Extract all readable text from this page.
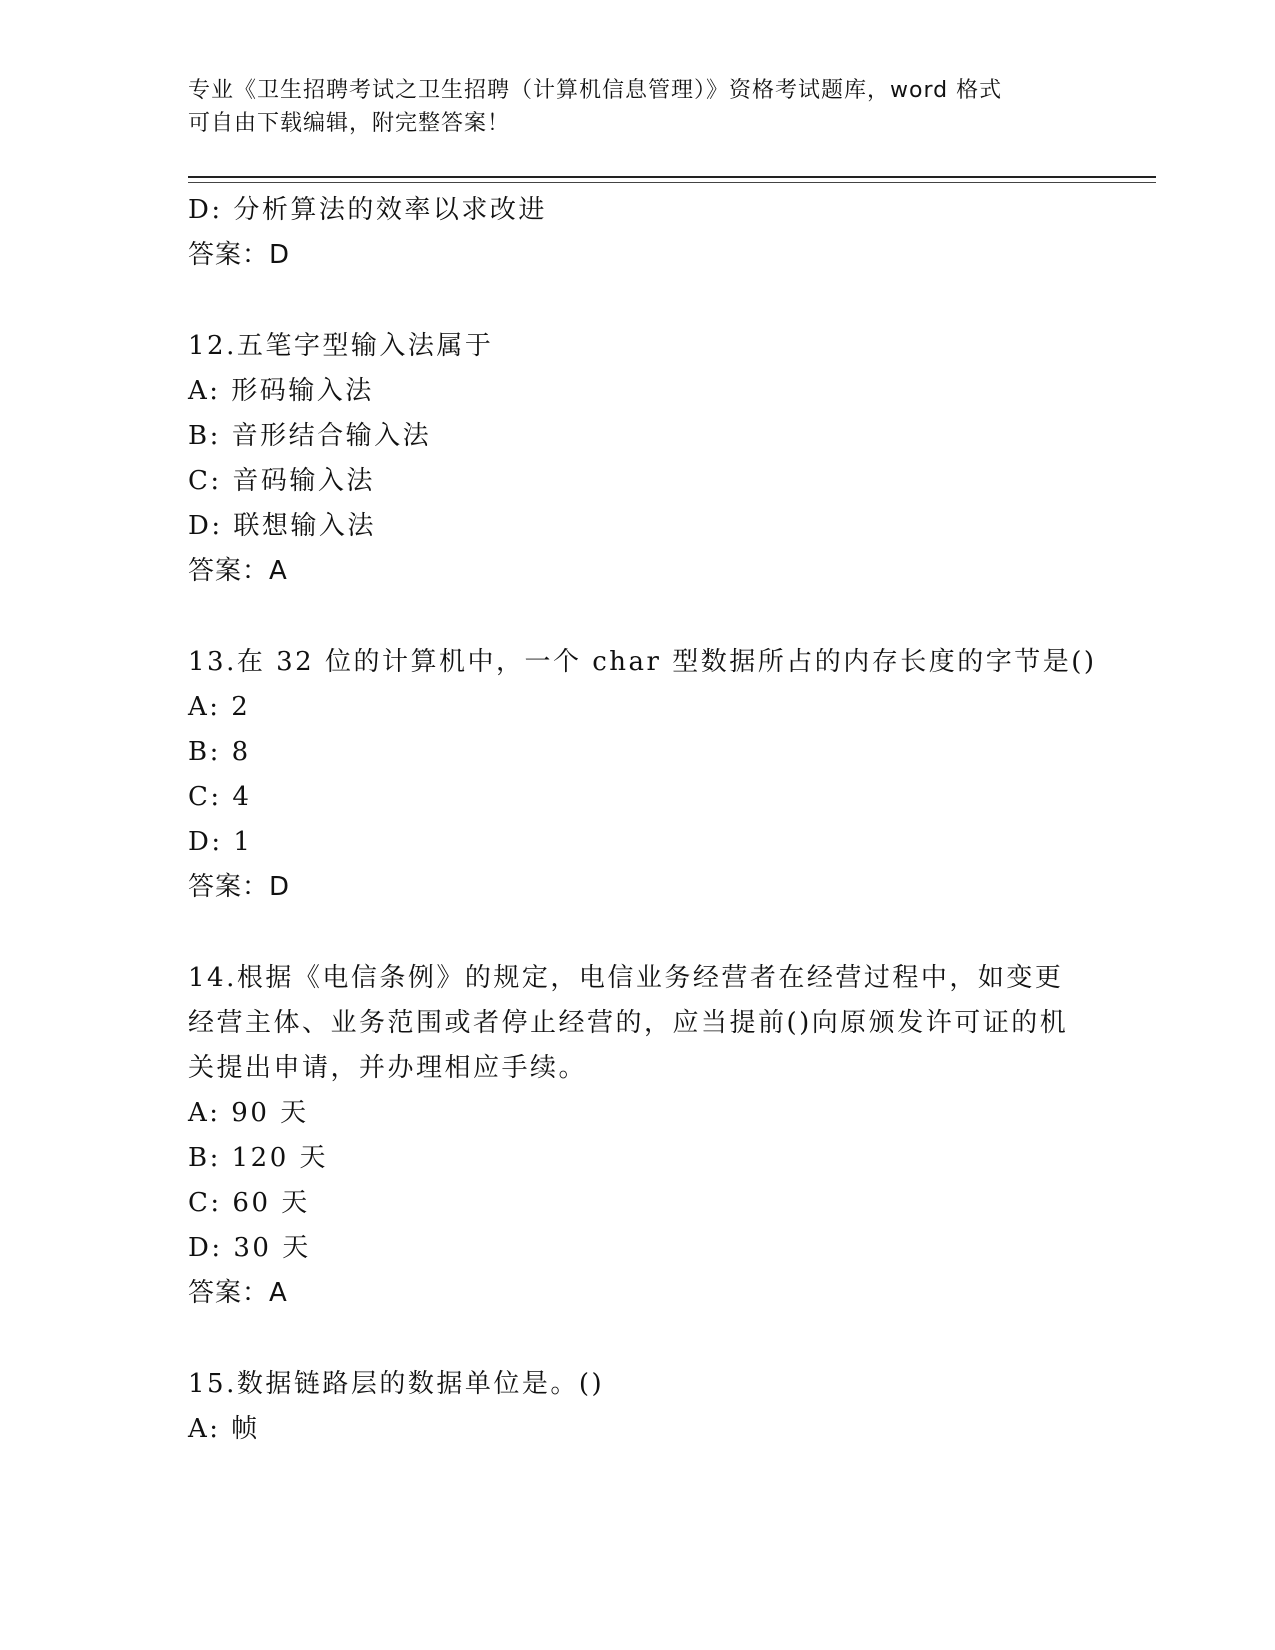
专业《卫生招聘考试之卫生招聘（计算机信息管理）》资格考试题库，word 格式
可自由下载编辑，附完整答案！
D: 分析算法的效率以求改进
答案：D
12.五笔字型输入法属于
A: 形码输入法
B: 音形结合输入法
C: 音码输入法
D: 联想输入法
答案：A
13.在 32 位的计算机中，一个 char 型数据所占的内存长度的字节是()
A: 2
B: 8
C: 4
D: 1
答案：D
14.根据《电信条例》的规定，电信业务经营者在经营过程中，如变更经营主体、业务范围或者停止经营的，应当提前()向原颁发许可证的机关提出申请，并办理相应手续。
A: 90 天
B: 120 天
C: 60 天
D: 30 天
答案：A
15.数据链路层的数据单位是。()
A: 帧
